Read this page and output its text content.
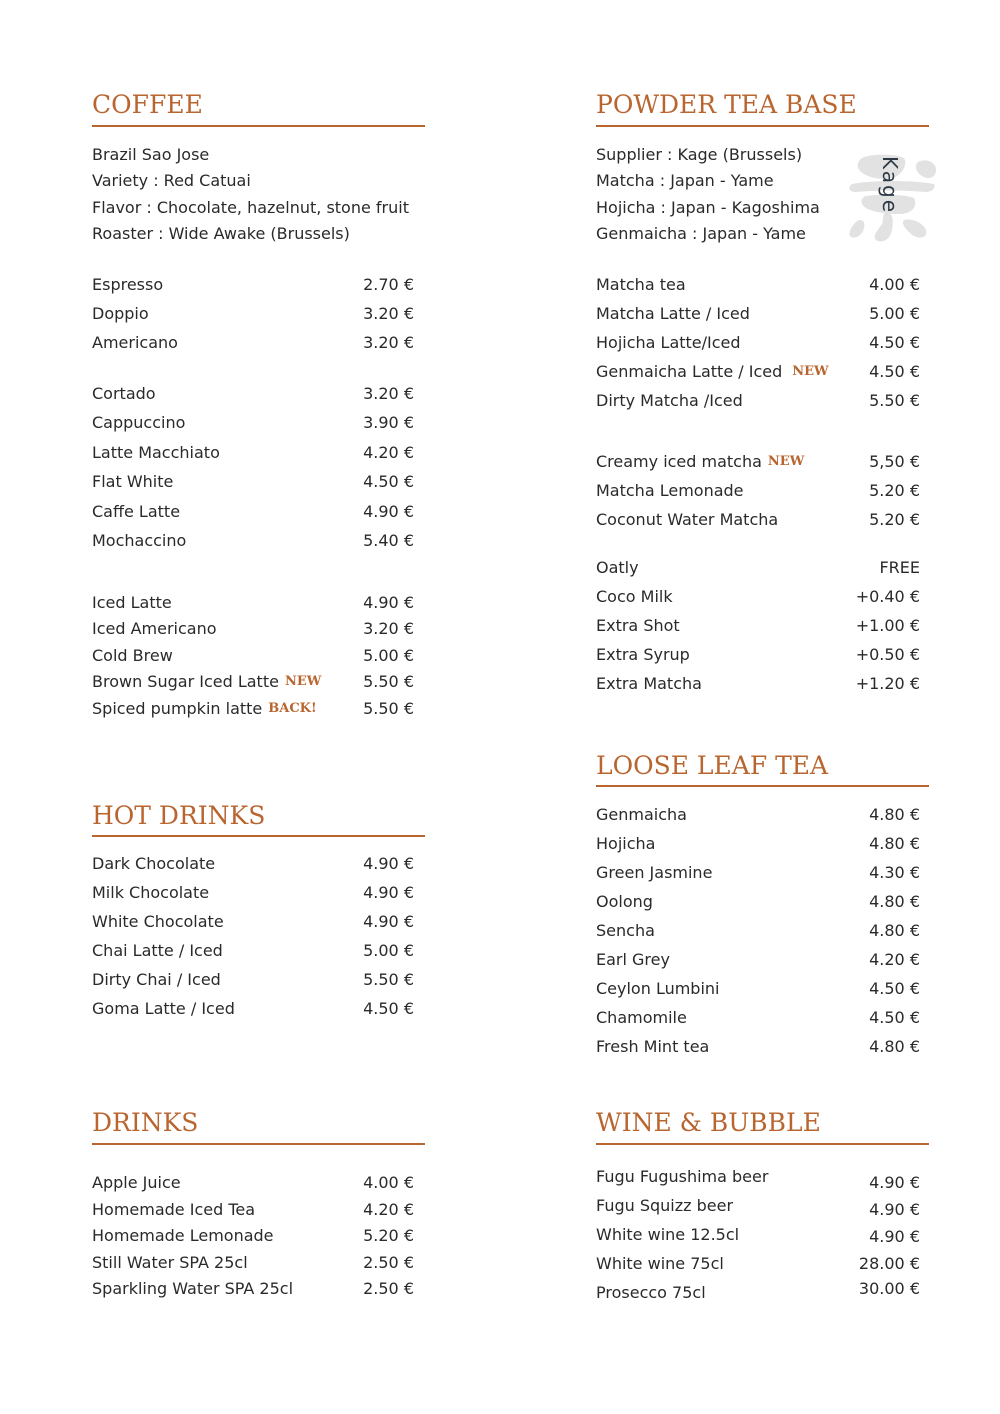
COFFEE
Brazil Sao Jose
Variety : Red Catuai
Flavor : Chocolate, hazelnut, stone fruit
Roaster : Wide Awake (Brussels)
Espresso	2.70 €
Doppio	3.20 €
Americano	3.20 €
Cortado	3.20 €
Cappuccino	3.90 €
Latte Macchiato	4.20 €
Flat White	4.50 €
Caffe Latte	4.90 €
Mochaccino	5.40 €
Iced Latte	4.90 €
Iced Americano	3.20 €
Cold Brew	5.00 €
Brown Sugar Iced Latte NEW	5.50 €
Spiced pumpkin latte BACK!	5.50 €
HOT DRINKS
Dark Chocolate	4.90 €
Milk Chocolate	4.90 €
White Chocolate	4.90 €
Chai Latte / Iced	5.00 €
Dirty Chai / Iced	5.50 €
Goma Latte / Iced	4.50 €
DRINKS
Apple Juice	4.00 €
Homemade Iced Tea	4.20 €
Homemade Lemonade	5.20 €
Still Water SPA 25cl	2.50 €
Sparkling Water SPA 25cl	2.50 €
POWDER TEA BASE
Supplier : Kage (Brussels)
Matcha : Japan - Yame
Hojicha : Japan - Kagoshima
Genmaicha : Japan - Yame
Kage
Matcha tea	4.00 €
Matcha Latte / Iced	5.00 €
Hojicha Latte/Iced	4.50 €
Genmaicha Latte / Iced NEW	4.50 €
Dirty Matcha /Iced	5.50 €
Creamy iced matcha NEW	5,50 €
Matcha Lemonade	5.20 €
Coconut Water Matcha	5.20 €
Oatly	FREE
Coco Milk	+0.40 €
Extra Shot	+1.00 €
Extra Syrup	+0.50 €
Extra Matcha	+1.20 €
LOOSE LEAF TEA
Genmaicha	4.80 €
Hojicha	4.80 €
Green Jasmine	4.30 €
Oolong	4.80 €
Sencha	4.80 €
Earl Grey	4.20 €
Ceylon Lumbini	4.50 €
Chamomile	4.50 €
Fresh Mint tea	4.80 €
WINE & BUBBLE
Fugu Fugushima beer	4.90 €
Fugu Squizz beer	4.90 €
White wine 12.5cl	4.90 €
White wine 75cl	28.00 €
Prosecco 75cl	30.00 €
